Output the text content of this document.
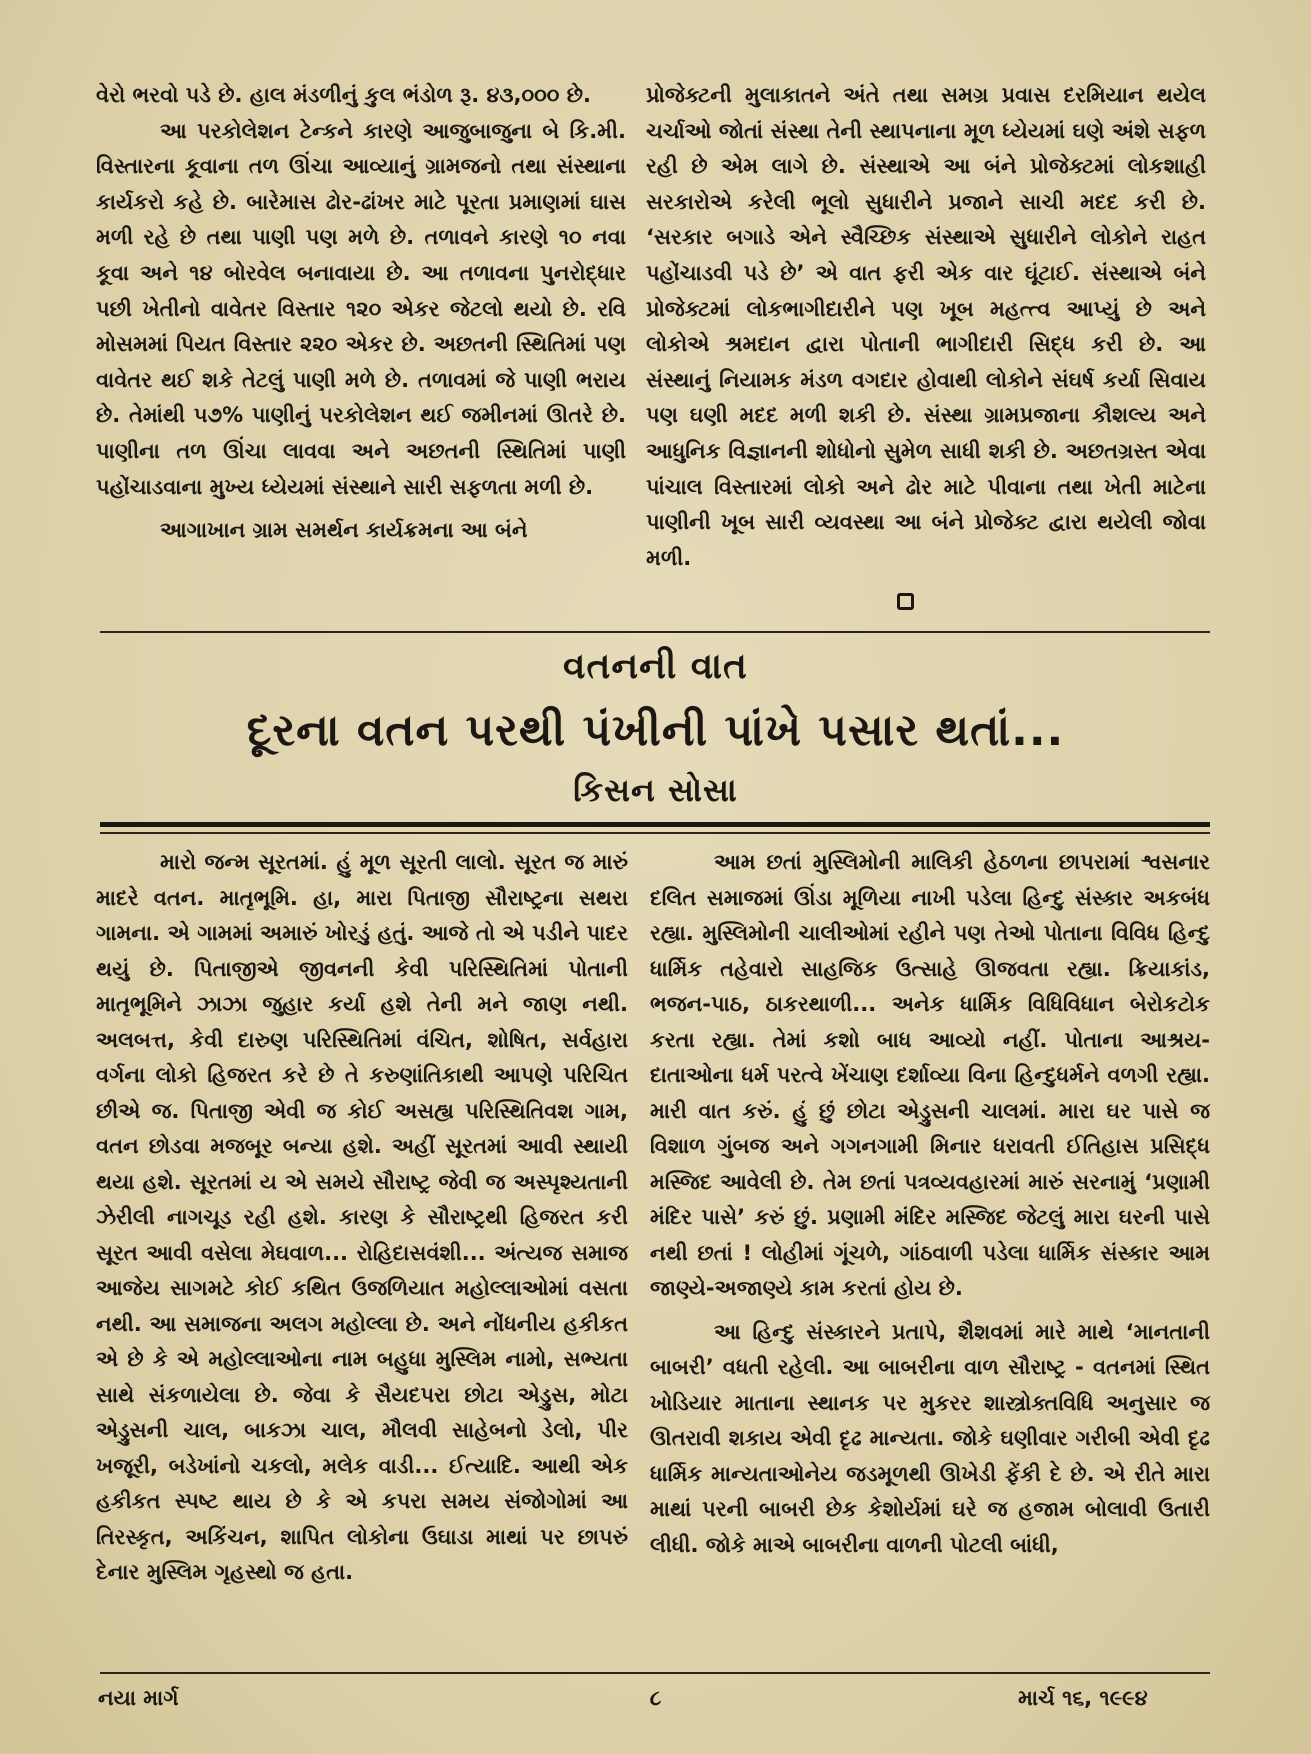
વેરો ભરવો પડે છે. હાલ મંડળીનું કુલ ભંડોળ રૂ. ૪૩,૦૦૦ છે.

આ પરકોલેશન ટેન્કને કારણે આજુબાજુના બે કિ.મી. વિસ્તારના કૂવાના તળ ઊંચા આવ્યાનું ગ્રામજનો તથા સંસ્થાના કાર્યકરો કહે છે. બારેમાસ ઢોર-ઢાંખર માટે પૂરતા પ્રમાણમાં ઘાસ મળી રહે છે તથા પાણી પણ મળે છે. તળાવને કારણે ૧૦ નવા કૂવા અને ૧૪ બોરવેલ બનાવાયા છે. આ તળાવના પુનરોદ્ધાર પછી ખેતીનો વાવેતર વિસ્તાર ૧૨૦ એકર જેટલો થયો છે. રવિ મોસમમાં પિયત વિસ્તાર ૨૨૦ એકર છે. અછતની સ્થિતિમાં પણ વાવેતર થઈ શકે તેટલું પાણી મળે છે. તળાવમાં જે પાણી ભરાય છે. તેમાંથી ૫૭% પાણીનું પરકોલેશન થઈ જમીનમાં ઊતરે છે. પાણીના તળ ઊંચા લાવવા અને અછતની સ્થિતિમાં પાણી પહોંચાડવાના મુખ્ય ધ્યેયમાં સંસ્થાને સારી સફળતા મળી છે.

આગાખાન ગ્રામ સમર્થન કાર્યક્રમના આ બંને

પ્રોજેક્ટની મુલાકાતને અંતે તથા સમગ્ર પ્રવાસ દરમિયાન થયેલ ચર્ચાઓ જોતાં સંસ્થા તેની સ્થાપનાના મૂળ ધ્યેયમાં ઘણે અંશે સફળ રહી છે એમ લાગે છે. સંસ્થાએ આ બંને પ્રોજેક્ટમાં લોકશાહી સરકારોએ કરેલી ભૂલો સુધારીને પ્રજાને સાચી મદદ કરી છે. ‘સરકાર બગાડે એને સ્વૈચ્છિક સંસ્થાએ સુધારીને લોકોને રાહત પહોંચાડવી પડે છે’ એ વાત ફરી એક વાર ઘૂંટાઈ. સંસ્થાએ બંને પ્રોજેક્ટમાં લોકભાગીદારીને પણ ખૂબ મહત્ત્વ આપ્યું છે અને લોકોએ શ્રમદાન દ્વારા પોતાની ભાગીદારી સિદ્ધ કરી છે. આ સંસ્થાનું નિયામક મંડળ વગદાર હોવાથી લોકોને સંઘર્ષ કર્યા સિવાય પણ ઘણી મદદ મળી શકી છે. સંસ્થા ગ્રામપ્રજાના કૌશલ્ય અને આધુનિક વિજ્ઞાનની શોધોનો સુમેળ સાધી શકી છે. અછતગ્રસ્ત એવા પાંચાલ વિસ્તારમાં લોકો અને ઢોર માટે પીવાના તથા ખેતી માટેના પાણીની ખૂબ સારી વ્યવસ્થા આ બંને પ્રોજેક્ટ દ્વારા થયેલી જોવા મળી.

વતનની વાત
દૂરના વતન પરથી પંખીની પાંખે પસાર થતાં...
કિસન સોસા

મારો જન્મ સૂરતમાં. હું મૂળ સૂરતી લાલો. સૂરત જ મારું માદરે વતન. માતૃભૂમિ. હા, મારા પિતાજી સૌરાષ્ટ્રના સથરા ગામના. એ ગામમાં અમારું ખોરડું હતું. આજે તો એ પડીને પાદર થયું છે. પિતાજીએ જીવનની કેવી પરિસ્થિતિમાં પોતાની માતૃભૂમિને ઝાઝા જુહાર કર્યા હશે તેની મને જાણ નથી. અલબત્ત, કેવી દારુણ પરિસ્થિતિમાં વંચિત, શોષિત, સર્વહારા વર્ગના લોકો હિજરત કરે છે તે કરુણાંતિકાથી આપણે પરિચિત છીએ જ. પિતાજી એવી જ કોઈ અસહ્ય પરિસ્થિતિવશ ગામ, વતન છોડવા મજબૂર બન્યા હશે. અહીં સૂરતમાં આવી સ્થાયી થયા હશે. સૂરતમાં ય એ સમયે સૌરાષ્ટ્ર જેવી જ અસ્પૃશ્યતાની ઝેરીલી નાગચૂડ રહી હશે. કારણ કે સૌરાષ્ટ્રથી હિજરત કરી સૂરત આવી વસેલા મેઘવાળ... રોહિદાસવંશી... અંત્યજ સમાજ આજેય સાગમટે કોઈ કથિત ઉજળિયાત મહોલ્લાઓમાં વસતા નથી. આ સમાજના અલગ મહોલ્લા છે. અને નોંધનીય હકીકત એ છે કે એ મહોલ્લાઓના નામ બહુધા મુસ્લિમ નામો, સભ્યતા સાથે સંકળાયેલા છે. જેવા કે સૈયદપરા છોટા એડ્રુસ, મોટા એડ્રુસની ચાલ, બાકઝા ચાલ, મૌલવી સાહેબનો ડેલો, પીર ખજૂરી, બડેખાંનો ચકલો, મલેક વાડી... ઈત્યાદિ. આથી એક હકીકત સ્પષ્ટ થાય છે કે એ કપરા સમય સંજોગોમાં આ તિરસ્કૃત, અકિંચન, શાપિત લોકોના ઉઘાડા માથાં પર છાપરું દેનાર મુસ્લિમ ગૃહસ્થો જ હતા.

આમ છતાં મુસ્લિમોની માલિકી હેઠળના છાપરામાં શ્વસનાર દલિત સમાજમાં ઊંડા મૂળિયા નાખી પડેલા હિન્દુ સંસ્કાર અકબંધ રહ્યા. મુસ્લિમોની ચાલીઓમાં રહીને પણ તેઓ પોતાના વિવિધ હિન્દુ ધાર્મિક તહેવારો સાહજિક ઉત્સાહે ઊજવતા રહ્યા. ક્રિયાકાંડ, ભજન-પાઠ, ઠાકરથાળી... અનેક ધાર્મિક વિધિવિધાન બેરોકટોક કરતા રહ્યા. તેમાં કશો બાધ આવ્યો નહીં. પોતાના આશ્રય-દાતાઓના ધર્મ પરત્વે ખેંચાણ દર્શાવ્યા વિના હિન્દુધર્મને વળગી રહ્યા. મારી વાત કરું. હું છું છોટા એડ્રુસની ચાલમાં. મારા ઘર પાસે જ વિશાળ ગુંબજ અને ગગનગામી મિનાર ધરાવતી ઈતિહાસ પ્રસિદ્ધ મસ્જિદ આવેલી છે. તેમ છતાં પત્રવ્યવહારમાં મારું સરનામું ‘પ્રણામી મંદિર પાસે’ કરું છું. પ્રણામી મંદિર મસ્જિદ જેટલું મારા ઘરની પાસે નથી છતાં ! લોહીમાં ગૂંચળે, ગાંઠવાળી પડેલા ધાર્મિક સંસ્કાર આમ જાણ્યે-અજાણ્યે કામ કરતાં હોય છે.

આ હિન્દુ સંસ્કારને પ્રતાપે, શૈશવમાં મારે માથે ‘માનતાની બાબરી’ વધતી રહેલી. આ બાબરીના વાળ સૌરાષ્ટ્ર - વતનમાં સ્થિત ખોડિયાર માતાના સ્થાનક પર મુકરર શાસ્ત્રોક્તવિધિ અનુસાર જ ઊતરાવી શકાય એવી દૃઢ માન્યતા. જોકે ઘણીવાર ગરીબી એવી દૃઢ ધાર્મિક માન્યતાઓનેય જડમૂળથી ઊખેડી ફેંકી દે છે. એ રીતે મારા માથાં પરની બાબરી છેક કેશોર્યમાં ઘરે જ હજામ બોલાવી ઉતારી લીધી. જોકે માએ બાબરીના વાળની પોટલી બાંધી,

નયા માર્ગ	૮	માર્ચ ૧૬, ૧૯૯૪
